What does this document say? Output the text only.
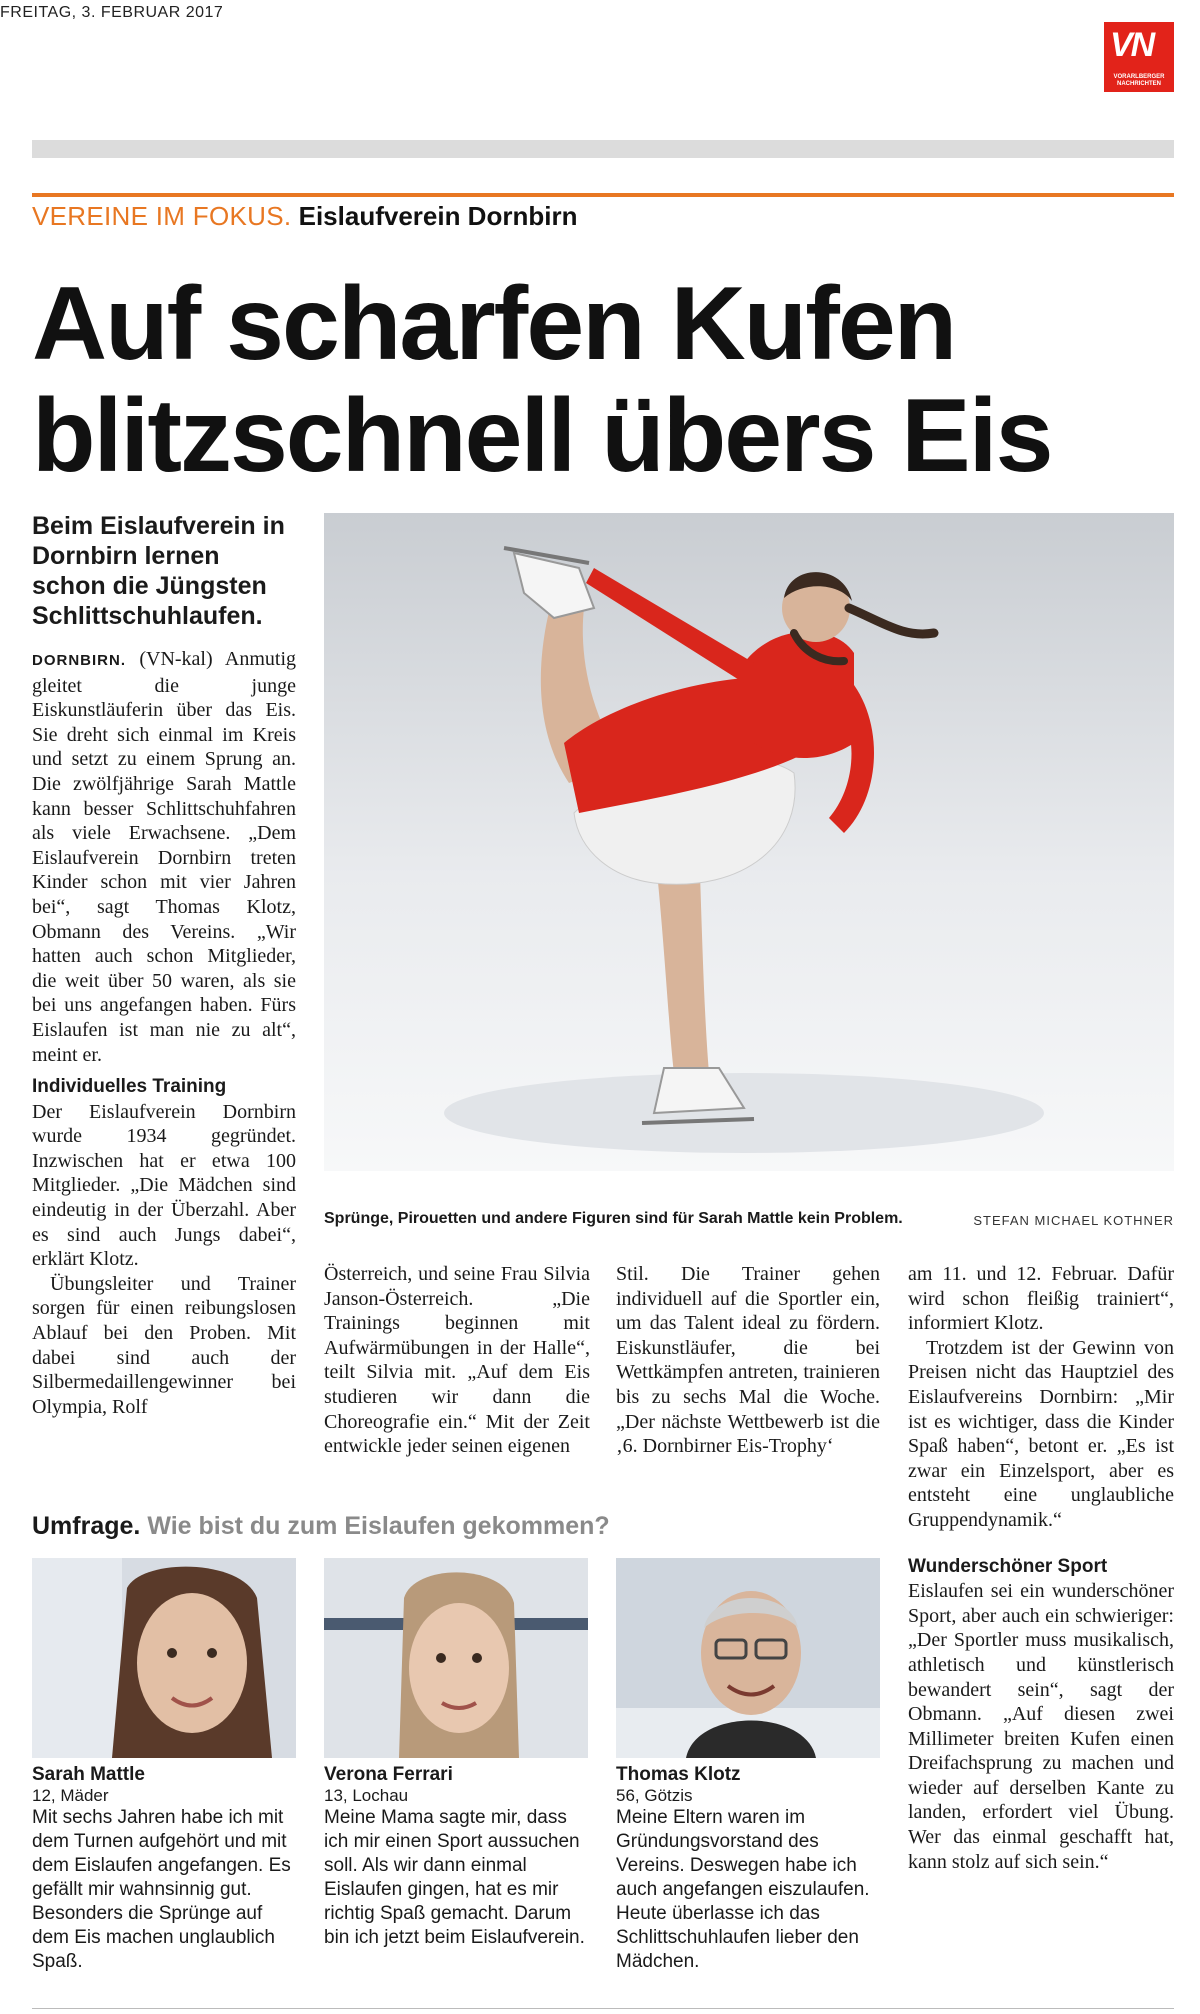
FREITAG, 3. FEBRUAR 2017
VN
VORARLBERGER NACHRICHTEN
VEREINE IM FOKUS. Eislaufverein Dornbirn
Auf scharfen Kufen
blitzschnell übers Eis
Beim Eislaufverein in Dornbirn lernen schon die Jüngsten Schlittschuhlaufen.

DORNBIRN. (VN-kal) Anmutig gleitet die junge Eiskunstläuferin über das Eis. Sie dreht sich einmal im Kreis und setzt zu einem Sprung an. Die zwölfjährige Sarah Mattle kann besser Schlittschuhfahren als viele Erwachsene. „Dem Eislaufverein Dornbirn treten Kinder schon mit vier Jahren bei“, sagt Thomas Klotz, Obmann des Vereins. „Wir hatten auch schon Mitglieder, die weit über 50 waren, als sie bei uns angefangen haben. Fürs Eislaufen ist man nie zu alt“, meint er.

Individuelles Training

Der Eislaufverein Dornbirn wurde 1934 gegründet. Inzwischen hat er etwa 100 Mitglieder. „Die Mädchen sind eindeutig in der Überzahl. Aber es sind auch Jungs dabei“, erklärt Klotz.

Übungsleiter und Trainer sorgen für einen reibungslosen Ablauf bei den Proben. Mit dabei sind auch der Silbermedaillengewinner bei Olympia, Rolf

Sprünge, Pirouetten und andere Figuren sind für Sarah Mattle kein Problem.	STEFAN MICHAEL KOTHNER
Österreich, und seine Frau Silvia Janson-Österreich. „Die Trainings beginnen mit Aufwärmübungen in der Halle“, teilt Silvia mit. „Auf dem Eis studieren wir dann die Choreografie ein.“ Mit der Zeit entwickle jeder seinen eigenen
Stil. Die Trainer gehen individuell auf die Sportler ein, um das Talent ideal zu fördern. Eiskunstläufer, die bei Wettkämpfen antreten, trainieren bis zu sechs Mal die Woche. „Der nächste Wettbewerb ist die ‚6. Dornbirner Eis-Trophy‘

am 11. und 12. Februar. Dafür wird schon fleißig trainiert“, informiert Klotz.

Trotzdem ist der Gewinn von Preisen nicht das Hauptziel des Eislaufvereins Dornbirn: „Mir ist es wichtiger, dass die Kinder Spaß haben“, betont er. „Es ist zwar ein Einzelsport, aber es entsteht eine unglaubliche Gruppendynamik.“

Wunderschöner Sport

Eislaufen sei ein wunderschöner Sport, aber auch ein schwieriger: „Der Sportler muss musikalisch, athletisch und künstlerisch bewandert sein“, sagt der Obmann. „Auf diesen zwei Millimeter breiten Kufen einen Dreifachsprung zu machen und wieder auf derselben Kante zu landen, erfordert viel Übung. Wer das einmal geschafft hat, kann stolz auf sich sein.“

Umfrage. Wie bist du zum Eislaufen gekommen?
Sarah Mattle
12, Mäder
Mit sechs Jahren habe ich mit dem Turnen aufgehört und mit dem Eislaufen angefangen. Es gefällt mir wahnsinnig gut. Besonders die Sprünge auf dem Eis machen unglaublich Spaß.
Verona Ferrari
13, Lochau
Meine Mama sagte mir, dass ich mir einen Sport aussuchen soll. Als wir dann einmal Eislaufen gingen, hat es mir richtig Spaß gemacht. Darum bin ich jetzt beim Eislaufverein.
Thomas Klotz
56, Götzis
Meine Eltern waren im Gründungsvorstand des Vereins. Deswegen habe ich auch angefangen eiszulaufen. Heute überlasse ich das Schlittschuhlaufen lieber den Mädchen.
